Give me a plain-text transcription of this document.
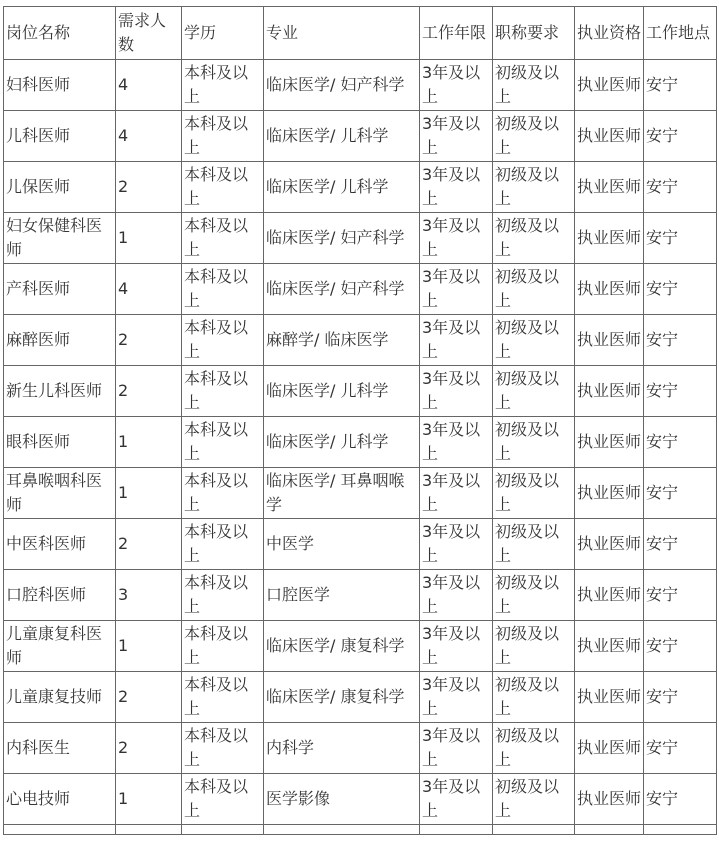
岗位名称	需求人数	学历	专业	工作年限	职称要求	执业资格	工作地点
妇科医师	4	本科及以上	临床医学/ 妇产科学	3年及以上	初级及以上	执业医师	安宁
儿科医师	4	本科及以上	临床医学/ 儿科学	3年及以上	初级及以上	执业医师	安宁
儿保医师	2	本科及以上	临床医学/ 儿科学	3年及以上	初级及以上	执业医师	安宁
妇女保健科医师	1	本科及以上	临床医学/ 妇产科学	3年及以上	初级及以上	执业医师	安宁
产科医师	4	本科及以上	临床医学/ 妇产科学	3年及以上	初级及以上	执业医师	安宁
麻醉医师	2	本科及以上	麻醉学/ 临床医学	3年及以上	初级及以上	执业医师	安宁
新生儿科医师	2	本科及以上	临床医学/ 儿科学	3年及以上	初级及以上	执业医师	安宁
眼科医师	1	本科及以上	临床医学/ 儿科学	3年及以上	初级及以上	执业医师	安宁
耳鼻喉咽科医师	1	本科及以上	临床医学/ 耳鼻咽喉学	3年及以上	初级及以上	执业医师	安宁
中医科医师	2	本科及以上	中医学	3年及以上	初级及以上	执业医师	安宁
口腔科医师	3	本科及以上	口腔医学	3年及以上	初级及以上	执业医师	安宁
儿童康复科医师	1	本科及以上	临床医学/ 康复科学	3年及以上	初级及以上	执业医师	安宁
儿童康复技师	2	本科及以上	临床医学/ 康复科学	3年及以上	初级及以上	执业医师	安宁
内科医生	2	本科及以上	内科学	3年及以上	初级及以上	执业医师	安宁
心电技师	1	本科及以上	医学影像	3年及以上	初级及以上	执业医师	安宁
